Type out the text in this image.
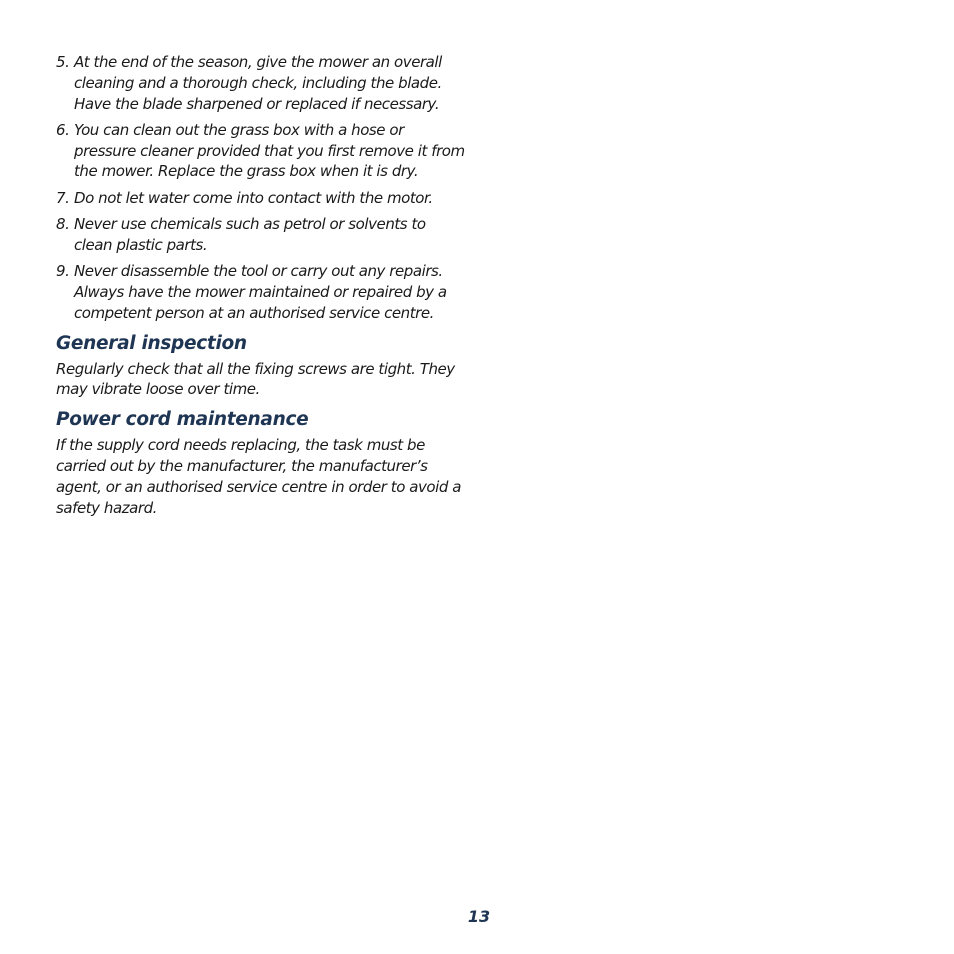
5. At the end of the season, give the mower an overall cleaning and a thorough check, including the blade. Have the blade sharpened or replaced if necessary.
6. You can clean out the grass box with a hose or pressure cleaner provided that you first remove it from the mower. Replace the grass box when it is dry.
7. Do not let water come into contact with the motor.
8. Never use chemicals such as petrol or solvents to clean plastic parts.
9. Never disassemble the tool or carry out any repairs. Always have the mower maintained or repaired by a competent person at an authorised service centre.
General inspection

Regularly check that all the fixing screws are tight. They may vibrate loose over time.

Power cord maintenance

If the supply cord needs replacing, the task must be carried out by the manufacturer, the manufacturer’s agent, or an authorised service centre in order to avoid a safety hazard.

13
